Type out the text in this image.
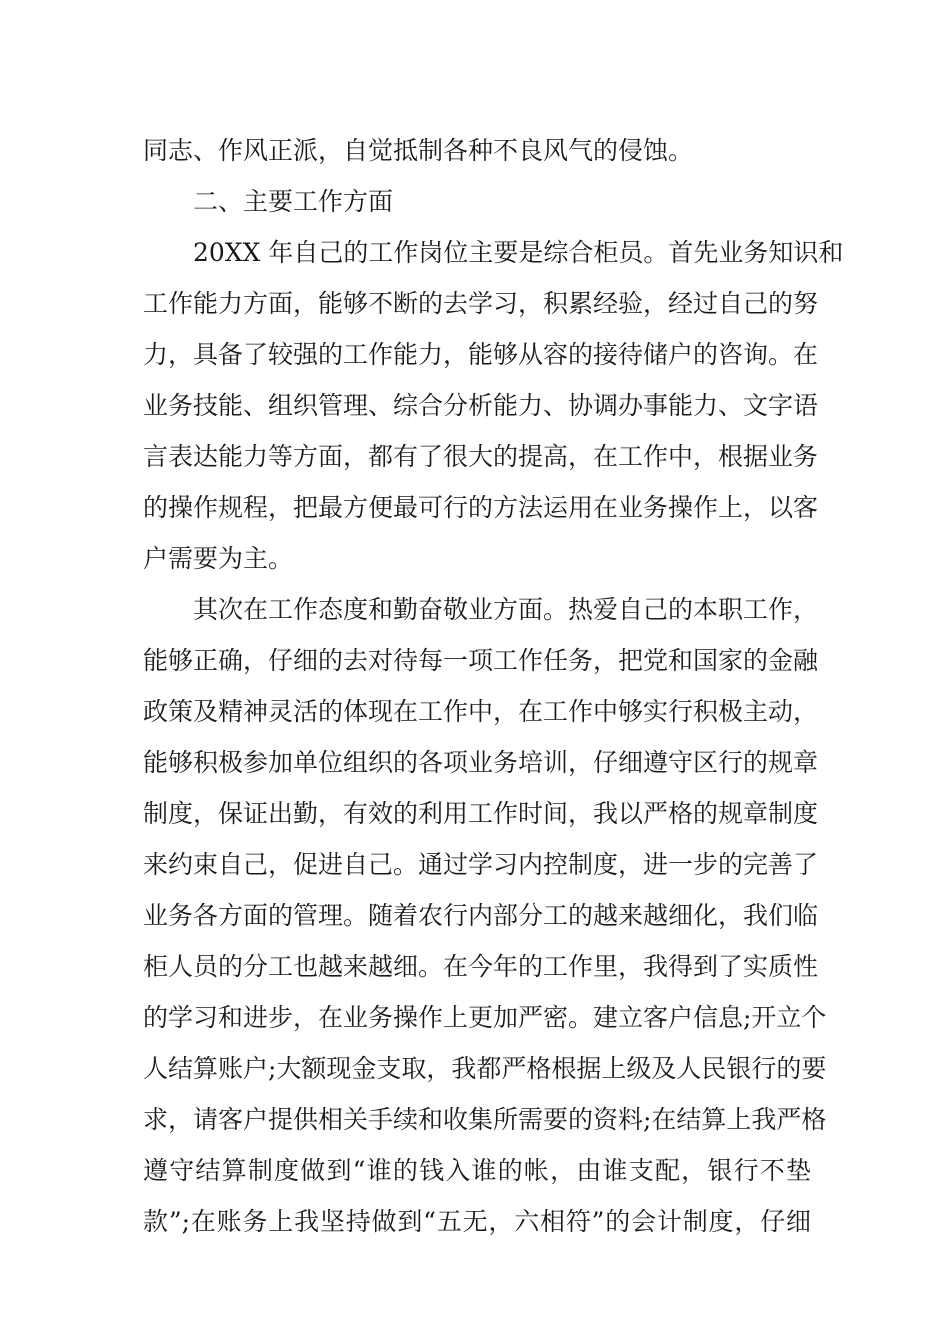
同志、作风正派，自觉抵制各种不良风气的侵蚀。
二、主要工作方面
20XX 年自己的工作岗位主要是综合柜员。首先业务知识和
工作能力方面，能够不断的去学习，积累经验，经过自己的努
力，具备了较强的工作能力，能够从容的接待储户的咨询。在
业务技能、组织管理、综合分析能力、协调办事能力、文字语
言表达能力等方面，都有了很大的提高，在工作中，根据业务
的操作规程，把最方便最可行的方法运用在业务操作上，以客
户需要为主。
其次在工作态度和勤奋敬业方面。热爱自己的本职工作，
能够正确，仔细的去对待每一项工作任务，把党和国家的金融
政策及精神灵活的体现在工作中，在工作中够实行积极主动，
能够积极参加单位组织的各项业务培训，仔细遵守区行的规章
制度，保证出勤，有效的利用工作时间，我以严格的规章制度
来约束自己，促进自己。通过学习内控制度，进一步的完善了
业务各方面的管理。随着农行内部分工的越来越细化，我们临
柜人员的分工也越来越细。在今年的工作里，我得到了实质性
的学习和进步，在业务操作上更加严密。建立客户信息;开立个
人结算账户;大额现金支取，我都严格根据上级及人民银行的要
求，请客户提供相关手续和收集所需要的资料;在结算上我严格
遵守结算制度做到“谁的钱入谁的帐，由谁支配，银行不垫
款”;在账务上我坚持做到“五无，六相符”的会计制度，仔细
